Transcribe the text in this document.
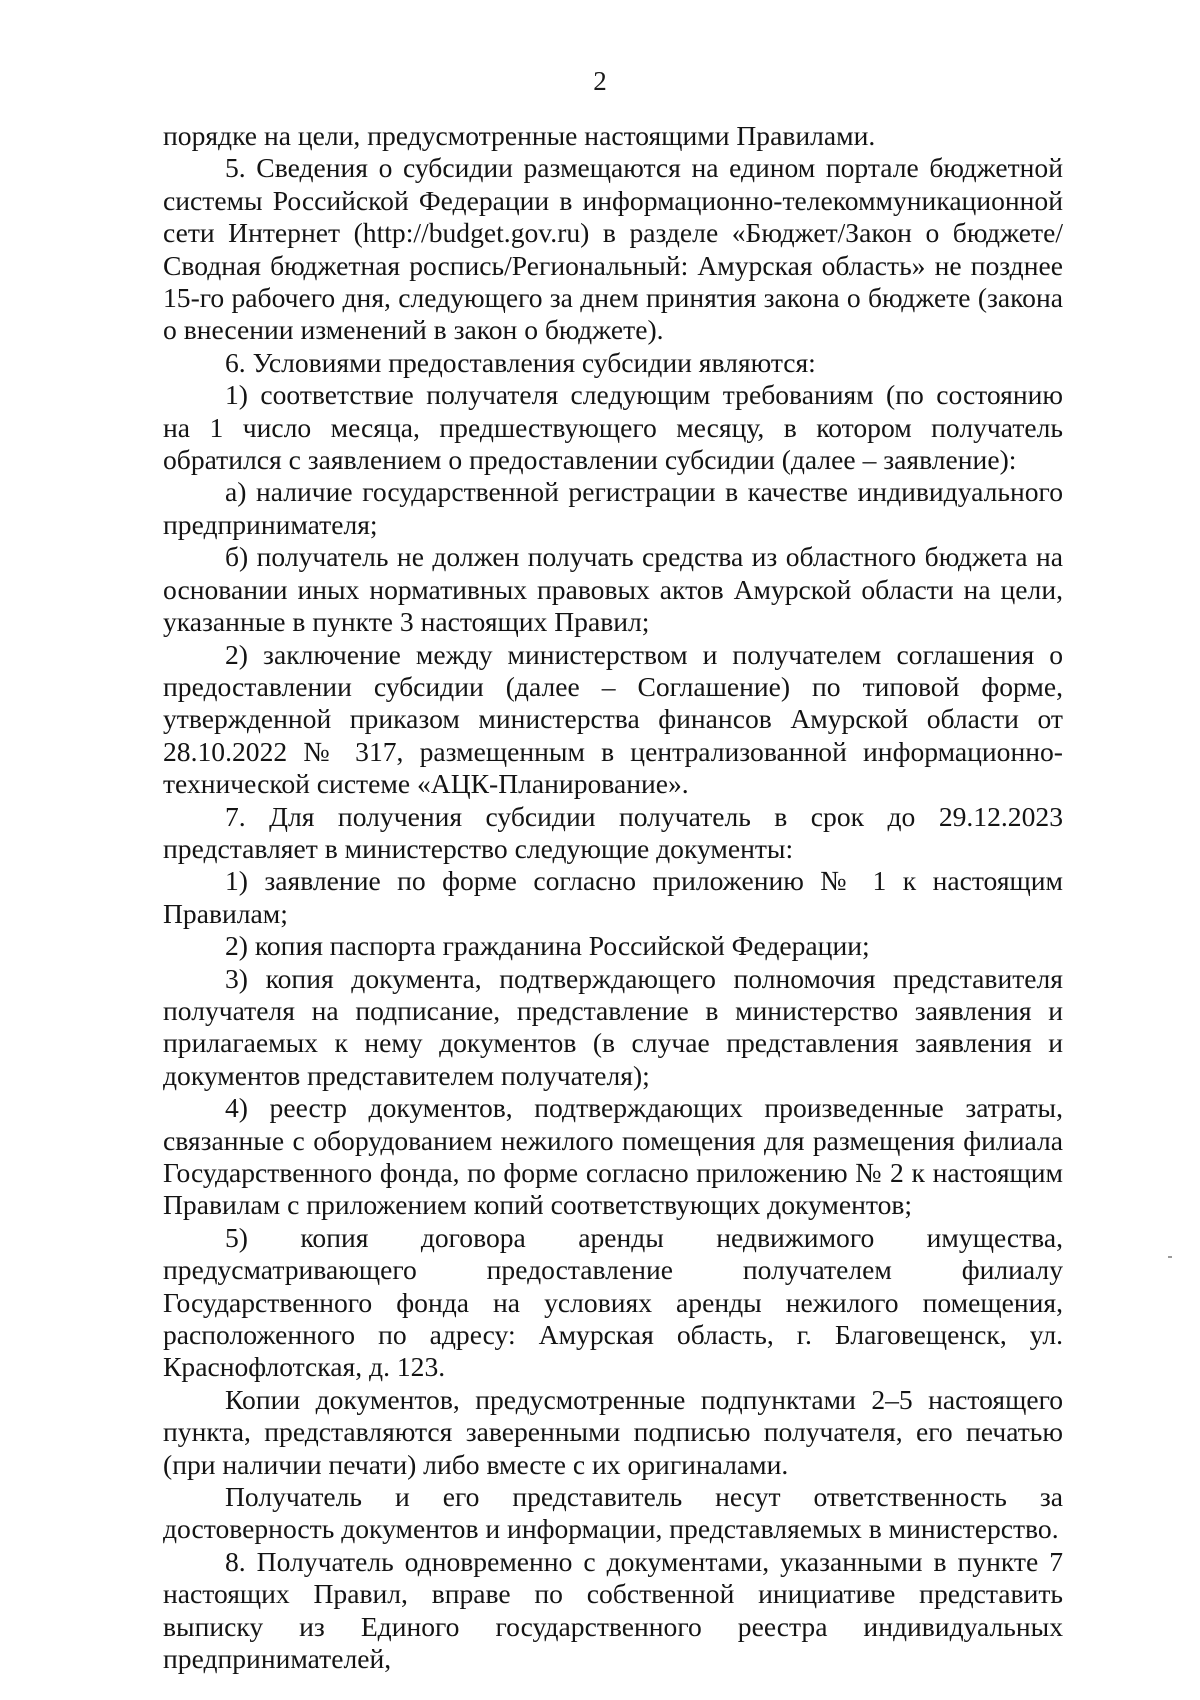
2

порядке на цели, предусмотренные настоящими Правилами.

5. Сведения о субсидии размещаются на едином портале бюджетной системы Российской Федерации в информационно-телекоммуникационной сети Интернет (http://budget.gov.ru) в разделе «Бюджет/Закон о бюджете/Сводная бюджетная роспись/Региональный: Амурская область» не позднее 15-го рабочего дня, следующего за днем принятия закона о бюджете (закона о внесении изменений в закон о бюджете).

6. Условиями предоставления субсидии являются:

1) соответствие получателя следующим требованиям (по состоянию на 1 число месяца, предшествующего месяцу, в котором получатель обратился с заявлением о предоставлении субсидии (далее – заявление):

а) наличие государственной регистрации в качестве индивидуального предпринимателя;

б) получатель не должен получать средства из областного бюджета на основании иных нормативных правовых актов Амурской области на цели, указанные в пункте 3 настоящих Правил;

2) заключение между министерством и получателем соглашения о предоставлении субсидии (далее – Соглашение) по типовой форме, утвержденной приказом министерства финансов Амурской области от 28.10.2022 № 317, размещенным в централизованной информационно-технической системе «АЦК-Планирование».

7. Для получения субсидии получатель в срок до 29.12.2023 представляет в министерство следующие документы:

1) заявление по форме согласно приложению № 1 к настоящим Правилам;

2) копия паспорта гражданина Российской Федерации;

3) копия документа, подтверждающего полномочия представителя получателя на подписание, представление в министерство заявления и прилагаемых к нему документов (в случае представления заявления и документов представителем получателя);

4) реестр документов, подтверждающих произведенные затраты, связанные с оборудованием нежилого помещения для размещения филиала Государственного фонда, по форме согласно приложению № 2 к настоящим Правилам с приложением копий соответствующих документов;

5) копия договора аренды недвижимого имущества, предусматривающего предоставление получателем филиалу Государственного фонда на условиях аренды нежилого помещения, расположенного по адресу: Амурская область, г. Благовещенск, ул. Краснофлотская, д. 123.

Копии документов, предусмотренные подпунктами 2–5 настоящего пункта, представляются заверенными подписью получателя, его печатью (при наличии печати) либо вместе с их оригиналами.

Получатель и его представитель несут ответственность за достоверность документов и информации, представляемых в министерство.

8. Получатель одновременно с документами, указанными в пункте 7 настоящих Правил, вправе по собственной инициативе представить выписку из Единого государственного реестра индивидуальных предпринимателей,
